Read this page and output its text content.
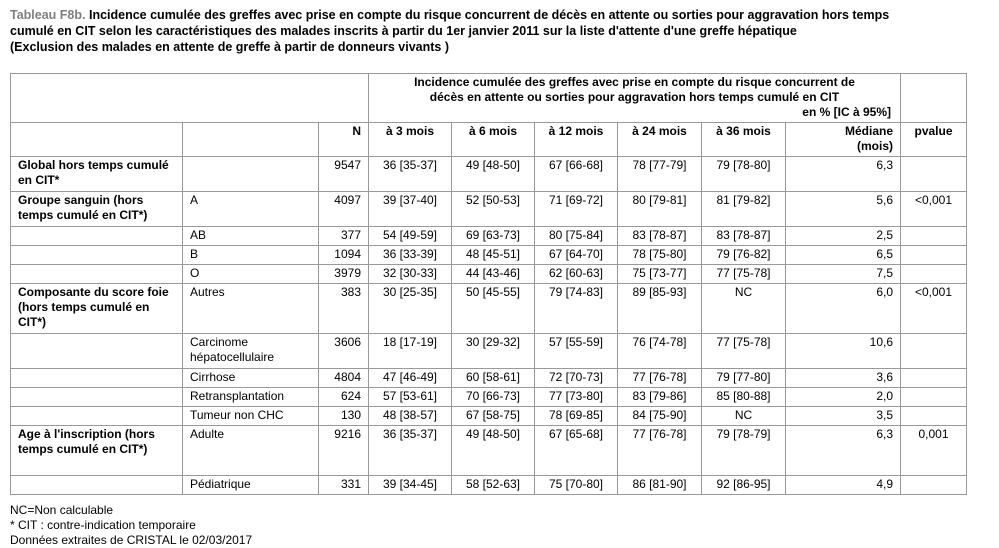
Tableau F8b. Incidence cumulée des greffes avec prise en compte du risque concurrent de décès en attente ou sorties pour aggravation hors temps
cumulé en CIT selon les caractéristiques des malades inscrits à partir du 1er janvier 2011 sur la liste d'attente d'une greffe hépatique
(Exclusion des malades en attente de greffe à partir de donneurs vivants )

			Incidence cumulée des greffes avec prise en compte du risque concurrent de
décès en attente ou sorties pour aggravation hors temps cumulé en CIT
en % [IC à 95%]						

		N	à 3 mois	à 6 mois	à 12 mois	à 24 mois	à 36 mois	Médiane
(mois)	pvalue
Global hors temps cumulé en CIT*		9547	36 [35-37]	49 [48-50]	67 [66-68]	78 [77-79]	79 [78-80]	6,3	
Groupe sanguin (hors temps cumulé en CIT*)	A	4097	39 [37-40]	52 [50-53]	71 [69-72]	80 [79-81]	81 [79-82]	5,6	<0,001
	AB	377	54 [49-59]	69 [63-73]	80 [75-84]	83 [78-87]	83 [78-87]	2,5	
	B	1094	36 [33-39]	48 [45-51]	67 [64-70]	78 [75-80]	79 [76-82]	6,5	
	O	3979	32 [30-33]	44 [43-46]	62 [60-63]	75 [73-77]	77 [75-78]	7,5	
Composante du score foie (hors temps cumulé en CIT*)	Autres	383	30 [25-35]	50 [45-55]	79 [74-83]	89 [85-93]	NC	6,0	<0,001
	Carcinome hépatocellulaire	3606	18 [17-19]	30 [29-32]	57 [55-59]	76 [74-78]	77 [75-78]	10,6	
	Cirrhose	4804	47 [46-49]	60 [58-61]	72 [70-73]	77 [76-78]	79 [77-80]	3,6	
	Retransplantation	624	57 [53-61]	70 [66-73]	77 [73-80]	83 [79-86]	85 [80-88]	2,0	
	Tumeur non CHC	130	48 [38-57]	67 [58-75]	78 [69-85]	84 [75-90]	NC	3,5	
Age à l'inscription (hors temps cumulé en CIT*)	Adulte	9216	36 [35-37]	49 [48-50]	67 [65-68]	77 [76-78]	79 [78-79]	6,3	0,001
	Pédiatrique	331	39 [34-45]	58 [52-63]	75 [70-80]	86 [81-90]	92 [86-95]	4,9	
NC=Non calculable
* CIT : contre-indication temporaire
Données extraites de CRISTAL le 02/03/2017
